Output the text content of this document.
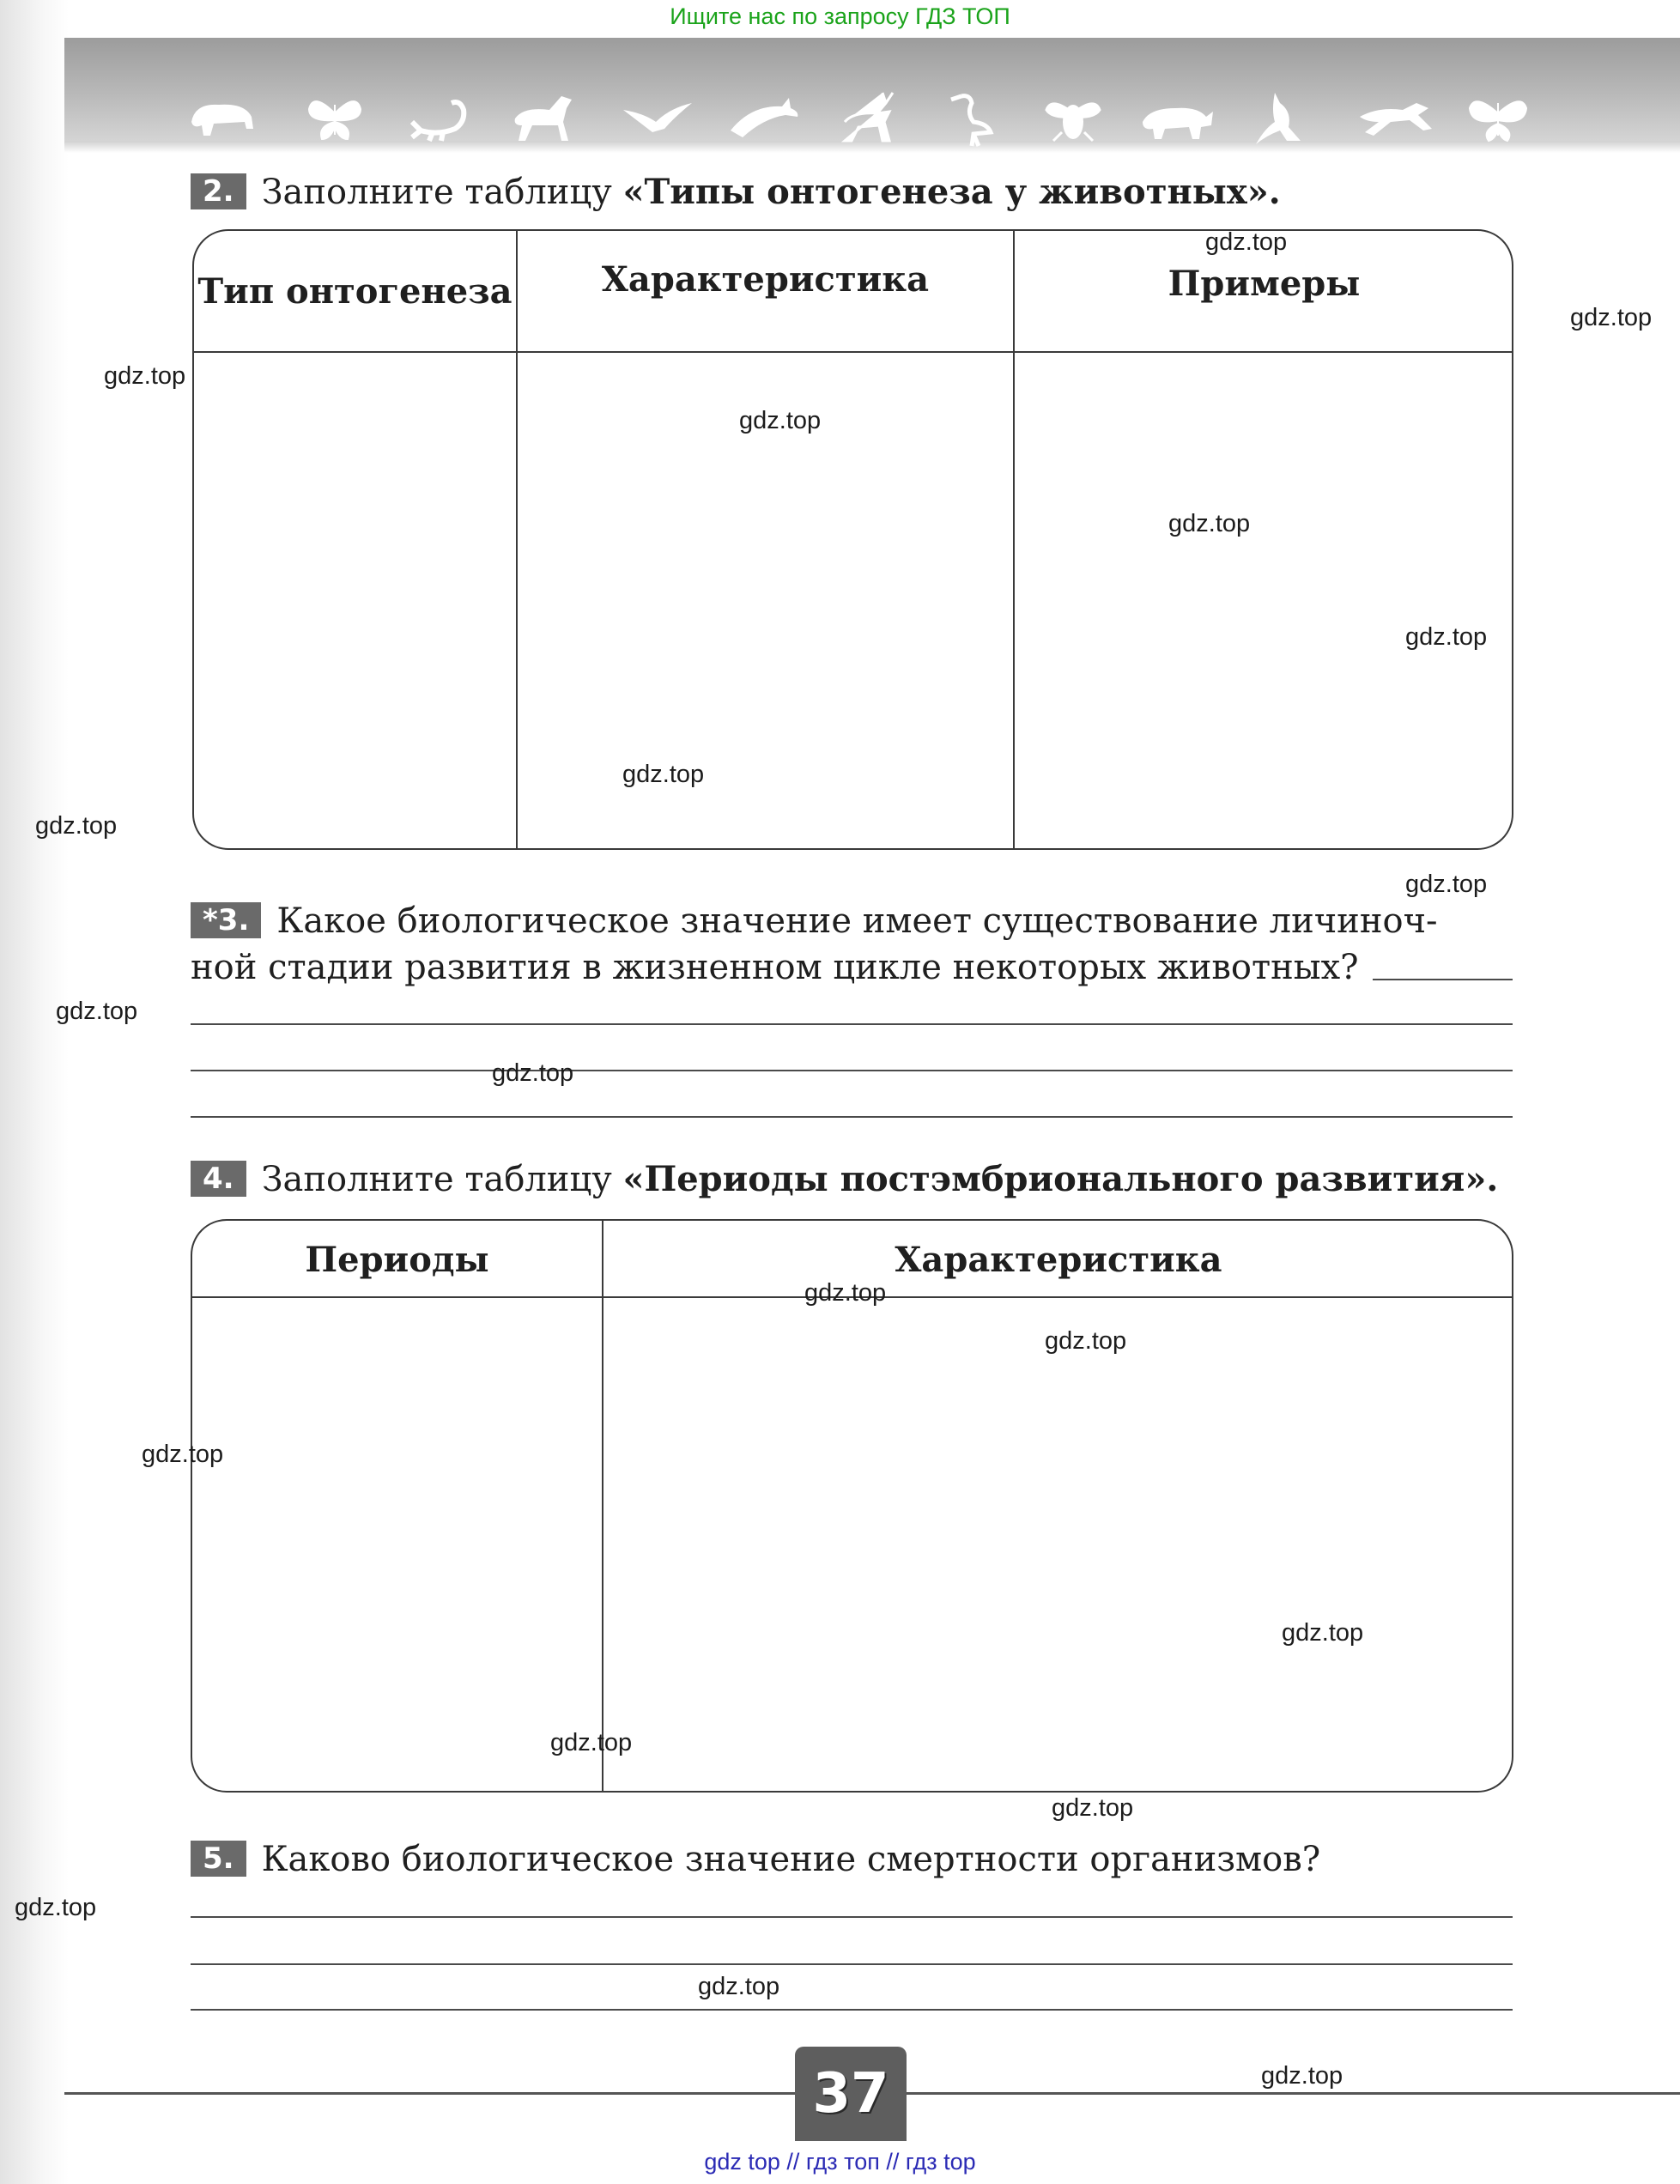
Ищите нас по запросу ГДЗ ТОП
2. Заполните таблицу «Типы онтогенеза у животных».
Тип онтогенеза	Характеристика	Примеры

*3. Какое биологическое значение имеет существование личиноч-

ной стадии развития в жизненном цикле некоторых животных?

4. Заполните таблицу «Периоды постэмбрионального развития».
Периоды	Характеристика
5. Каково биологическое значение смертности организмов?
37
gdz.top
gdz.top
gdz.top
gdz.top
gdz.top
gdz.top
gdz.top
gdz.top
gdz.top
gdz.top
gdz.top
gdz.top
gdz.top
gdz.top
gdz.top
gdz.top
gdz.top
gdz.top
gdz.top
gdz.top
gdz top // гдз топ // гдз top
